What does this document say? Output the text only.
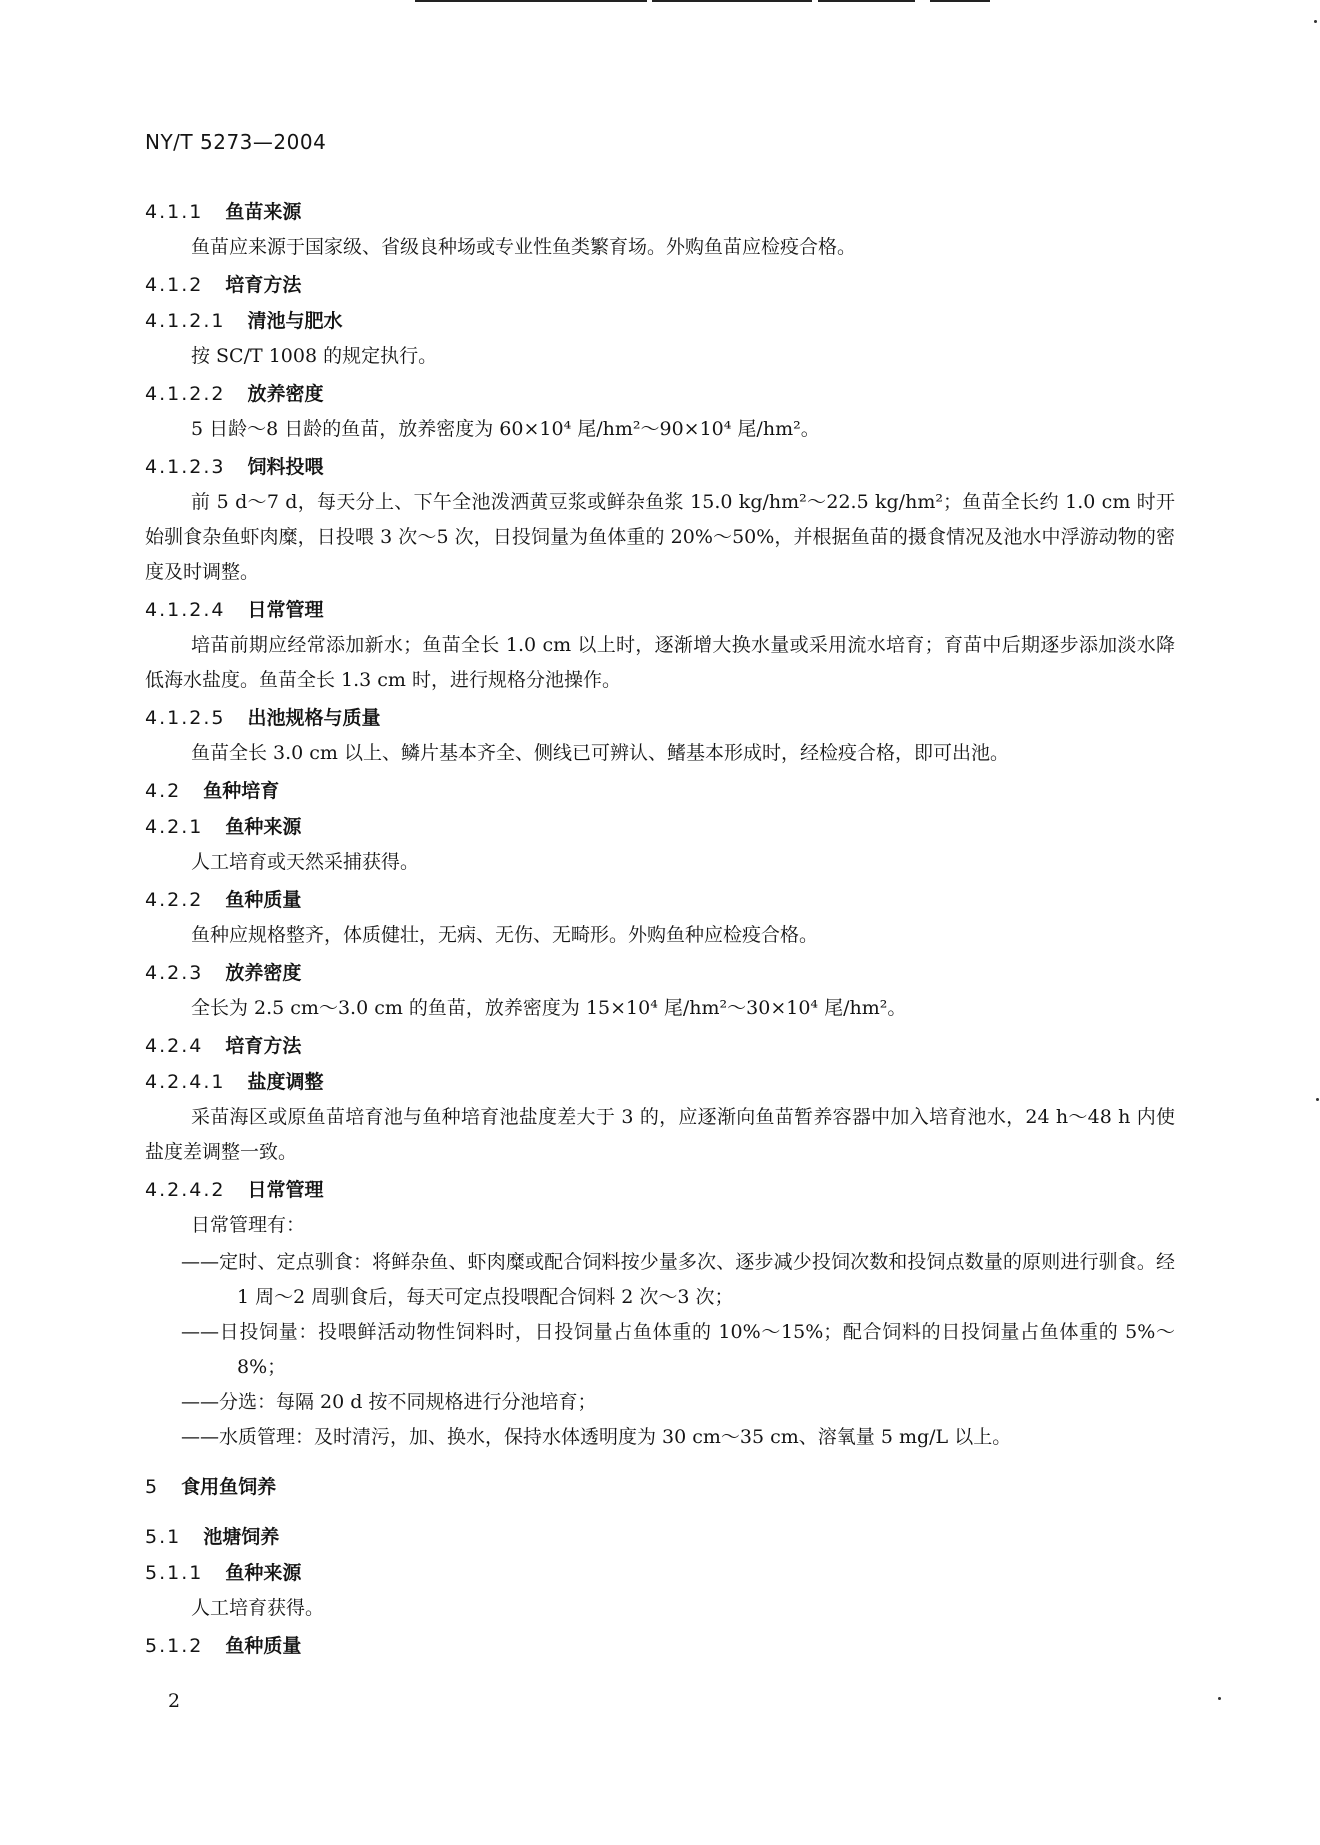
NY/T 5273—2004
4.1.1 鱼苗来源

鱼苗应来源于国家级、省级良种场或专业性鱼类繁育场。外购鱼苗应检疫合格。

4.1.2 培育方法
4.1.2.1 清池与肥水

按 SC/T 1008 的规定执行。

4.1.2.2 放养密度

5 日龄～8 日龄的鱼苗，放养密度为 60×10⁴ 尾/hm²～90×10⁴ 尾/hm²。

4.1.2.3 饲料投喂

前 5 d～7 d，每天分上、下午全池泼洒黄豆浆或鲜杂鱼浆 15.0 kg/hm²～22.5 kg/hm²；鱼苗全长约 1.0 cm 时开始驯食杂鱼虾肉糜，日投喂 3 次～5 次，日投饲量为鱼体重的 20%～50%，并根据鱼苗的摄食情况及池水中浮游动物的密度及时调整。

4.1.2.4 日常管理

培苗前期应经常添加新水；鱼苗全长 1.0 cm 以上时，逐渐增大换水量或采用流水培育；育苗中后期逐步添加淡水降低海水盐度。鱼苗全长 1.3 cm 时，进行规格分池操作。

4.1.2.5 出池规格与质量

鱼苗全长 3.0 cm 以上、鳞片基本齐全、侧线已可辨认、鳍基本形成时，经检疫合格，即可出池。

4.2 鱼种培育
4.2.1 鱼种来源

人工培育或天然采捕获得。

4.2.2 鱼种质量

鱼种应规格整齐，体质健壮，无病、无伤、无畸形。外购鱼种应检疫合格。

4.2.3 放养密度

全长为 2.5 cm～3.0 cm 的鱼苗，放养密度为 15×10⁴ 尾/hm²～30×10⁴ 尾/hm²。

4.2.4 培育方法
4.2.4.1 盐度调整

采苗海区或原鱼苗培育池与鱼种培育池盐度差大于 3 的，应逐渐向鱼苗暂养容器中加入培育池水，24 h～48 h 内使盐度差调整一致。

4.2.4.2 日常管理

日常管理有：

——定时、定点驯食：将鲜杂鱼、虾肉糜或配合饲料按少量多次、逐步减少投饲次数和投饲点数量的原则进行驯食。经 1 周～2 周驯食后，每天可定点投喂配合饲料 2 次～3 次；
——日投饲量：投喂鲜活动物性饲料时，日投饲量占鱼体重的 10%～15%；配合饲料的日投饲量占鱼体重的 5%～8%；
——分选：每隔 20 d 按不同规格进行分池培育；
——水质管理：及时清污，加、换水，保持水体透明度为 30 cm～35 cm、溶氧量 5 mg/L 以上。
5 食用鱼饲养
5.1 池塘饲养
5.1.1 鱼种来源

人工培育获得。

5.1.2 鱼种质量
2
